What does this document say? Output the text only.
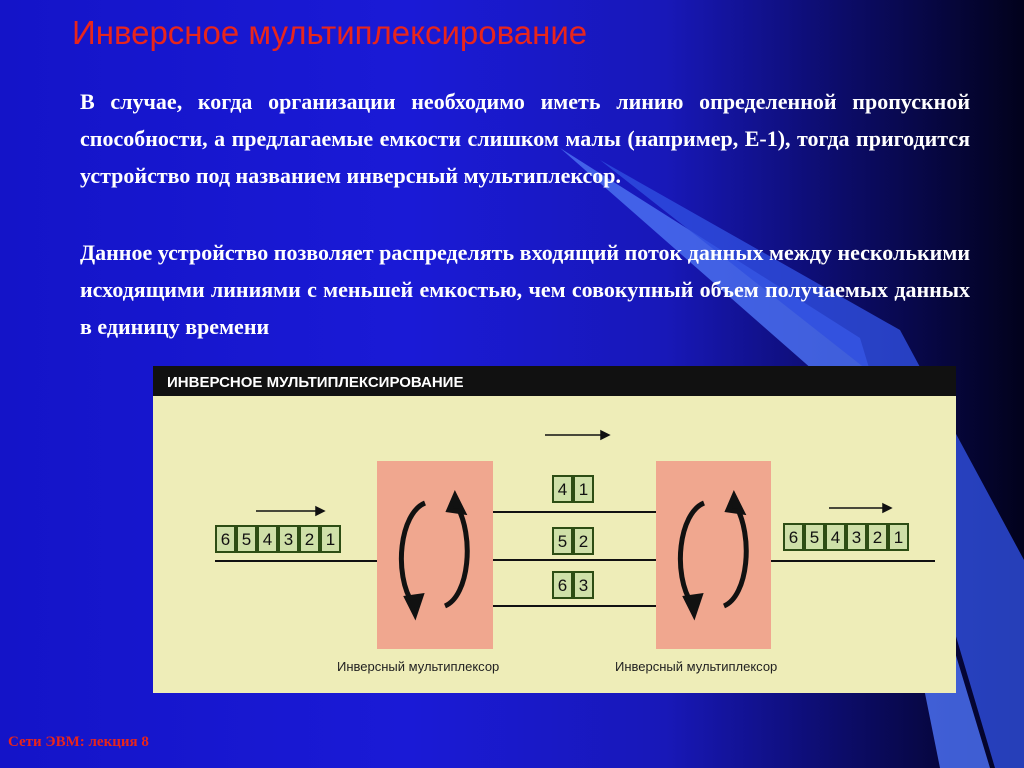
Инверсное мультиплексирование
В случае, когда организации необходимо иметь линию определенной пропускной способности, а предлагаемые емкости слишком малы (например, Е-1), тогда пригодится устройство под названием инверсный мультиплексор.
Данное устройство позволяет распределять входящий поток данных между несколькими исходящими линиями с меньшей емкостью, чем совокупный объем получаемых данных в единицу времени
ИНВЕРСНОЕ МУЛЬТИПЛЕКСИРОВАНИЕ
6 5 4 3 2 1	6 5 4 3 2 1
4 1
5 2
6 3
Инверсный мультиплексор	Инверсный мультиплексор
Сети ЭВМ: лекция 8
